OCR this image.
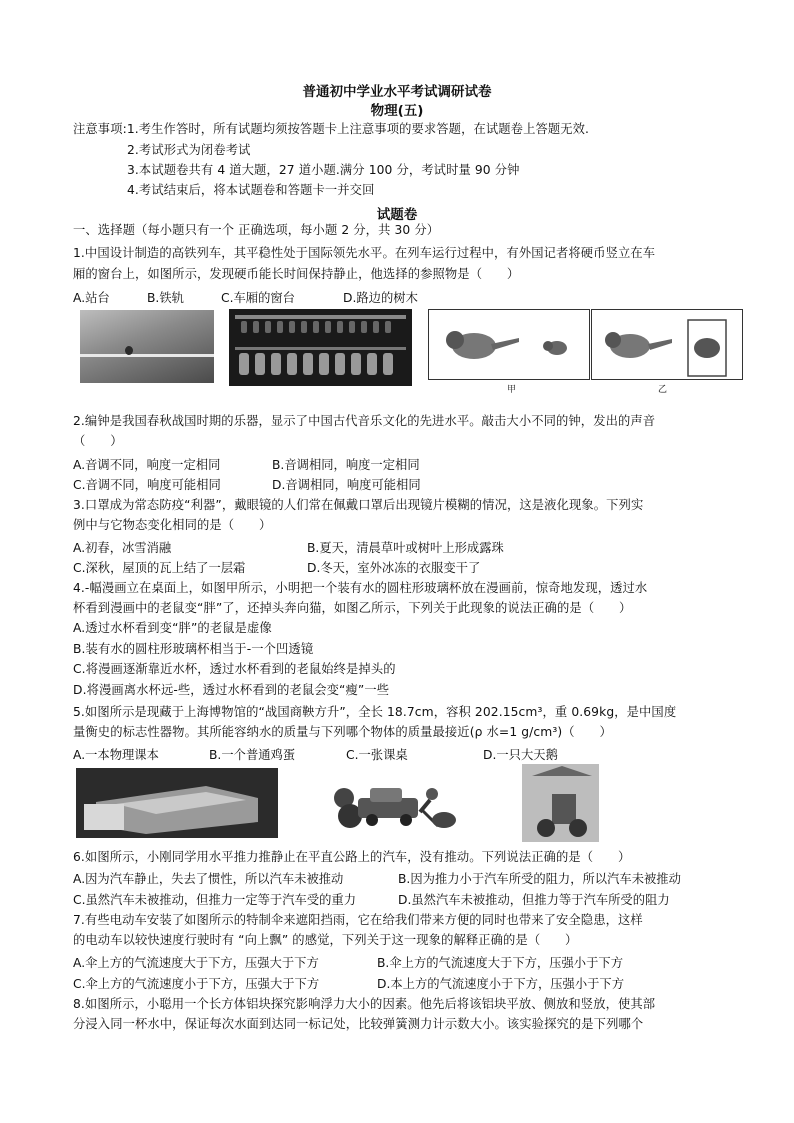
普通初中学业水平考试调研试卷
物理(五)
注意事项:1.考生作答时，所有试题均须按答题卡上注意事项的要求答题，在试题卷上答题无效.
2.考试形式为闭卷考试
3.本试题卷共有 4 道大题，27 道小题.满分 100 分，考试时量 90 分钟
4.考试结束后，将本试题卷和答题卡一并交回
试题卷
一、选择题（每小题只有一个 正确选项，每小题 2 分，共 30 分）
1.中国设计制造的高铁列车，其平稳性处于国际领先水平。在列车运行过程中，有外国记者将硬币竖立在车
厢的窗台上，如图所示，发现硬币能长时间保持静止，他选择的参照物是（　　）
A.站台	B.铁轨	C.车厢的窗台	D.路边的树木
甲	乙
2.编钟是我国春秋战国时期的乐器，显示了中国古代音乐文化的先进水平。敲击大小不同的钟，发出的声音
（　　）
A.音调不同，响度一定相同	B.音调相同，响度一定相同
C.音调不同，响度可能相同	D.音调相同，响度可能相同
3.口罩成为常态防疫“利器”，戴眼镜的人们常在佩戴口罩后出现镜片模糊的情况，这是液化现象。下列实
例中与它物态变化相同的是（　　）
A.初春，冰雪消融	B.夏天，清晨草叶或树叶上形成露珠
C.深秋，屋顶的瓦上结了一层霜	D.冬天，室外冰冻的衣服变干了
4.-幅漫画立在桌面上，如图甲所示，小明把一个装有水的圆柱形玻璃杯放在漫画前，惊奇地发现，透过水
杯看到漫画中的老鼠变“胖”了，还掉头奔向猫，如图乙所示，下列关于此现象的说法正确的是（　　）
A.透过水杯看到变“胖”的老鼠是虚像
B.装有水的圆柱形玻璃杯相当于-一个凹透镜
C.将漫画逐渐靠近水杯，透过水杯看到的老鼠始终是掉头的
D.将漫画离水杯远-些，透过水杯看到的老鼠会变“瘦”一些
5.如图所示是现藏于上海博物馆的“战国商鞅方升”，全长 18.7cm，容积 202.15cm³，重 0.69kg，是中国度
量衡史的标志性器物。其所能容纳水的质量与下列哪个物体的质量最接近(ρ 水=1 g/cm³)（　　）
A.一本物理课本	B.一个普通鸡蛋	C.一张课桌	D.一只大天鹅
6.如图所示，小刚同学用水平推力推静止在平直公路上的汽车，没有推动。下列说法正确的是（　　）
A.因为汽车静止，失去了惯性，所以汽车未被推动	B.因为推力小于汽车所受的阻力，所以汽车未被推动
C.虽然汽车未被推动，但推力一定等于汽车受的重力	D.虽然汽车未被推动，但推力等于汽车所受的阻力
7.有些电动车安装了如图所示的特制伞来遮阳挡雨，它在给我们带来方便的同时也带来了安全隐患，这样
的电动车以较快速度行驶时有 “向上飘” 的感觉，下列关于这一现象的解释正确的是（　　）
A.伞上方的气流速度大于下方，压强大于下方	B.伞上方的气流速度大于下方，压强小于下方
C.伞上方的气流速度小于下方，压强大于下方	D.本上方的气流速度小于下方，压强小于下方
8.如图所示，小聪用一个长方体铝块探究影响浮力大小的因素。他先后将该铝块平放、侧放和竖放，使其部
分浸入同一杯水中，保证每次水面到达同一标记处，比较弹簧测力计示数大小。该实验探究的是下列哪个
